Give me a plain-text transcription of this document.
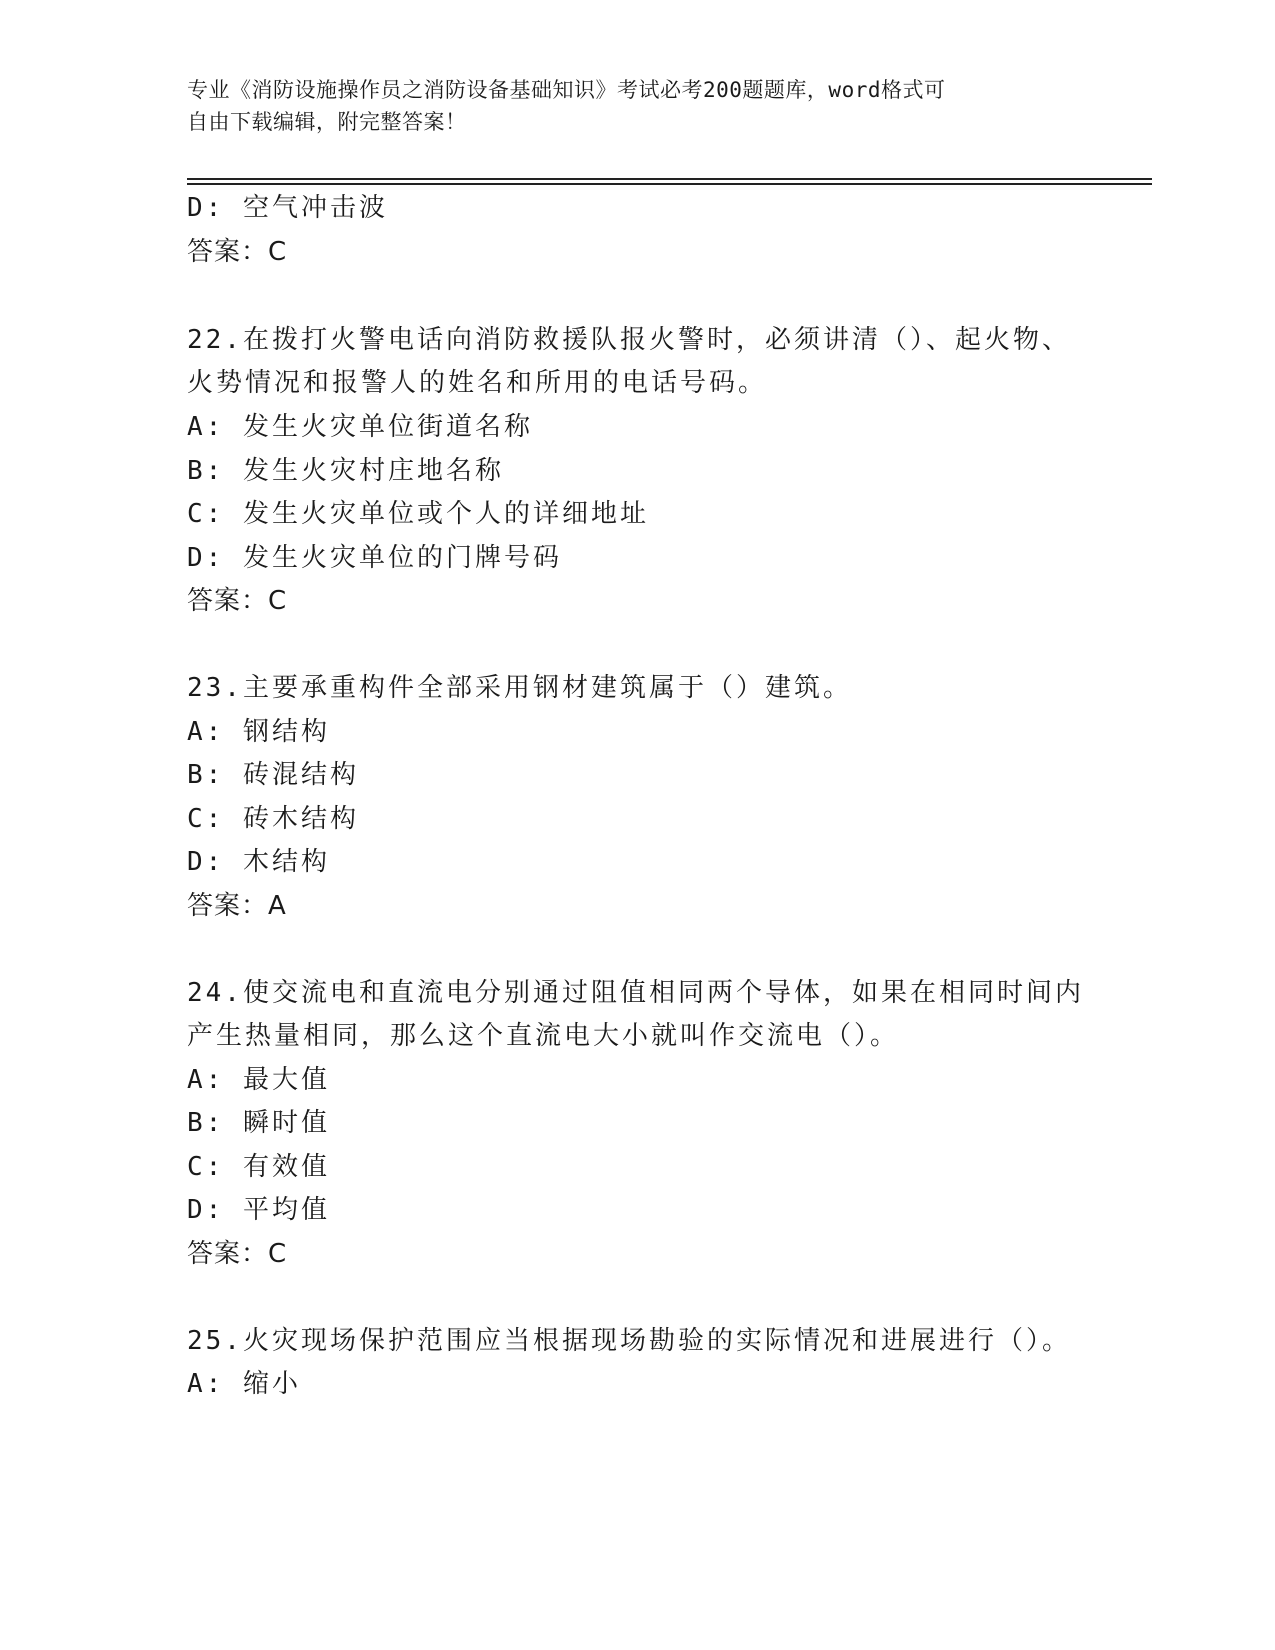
专业《消防设施操作员之消防设备基础知识》考试必考200题题库，word格式可
自由下载编辑，附完整答案！
D: 空气冲击波
答案：C
22.在拨打火警电话向消防救援队报火警时，必须讲清（）、起火物、
火势情况和报警人的姓名和所用的电话号码。
A: 发生火灾单位街道名称
B: 发生火灾村庄地名称
C: 发生火灾单位或个人的详细地址
D: 发生火灾单位的门牌号码
答案：C
23.主要承重构件全部采用钢材建筑属于（）建筑。
A: 钢结构
B: 砖混结构
C: 砖木结构
D: 木结构
答案：A
24.使交流电和直流电分别通过阻值相同两个导体，如果在相同时间内
产生热量相同，那么这个直流电大小就叫作交流电（）。
A: 最大值
B: 瞬时值
C: 有效值
D: 平均值
答案：C
25.火灾现场保护范围应当根据现场勘验的实际情况和进展进行（）。
A: 缩小
